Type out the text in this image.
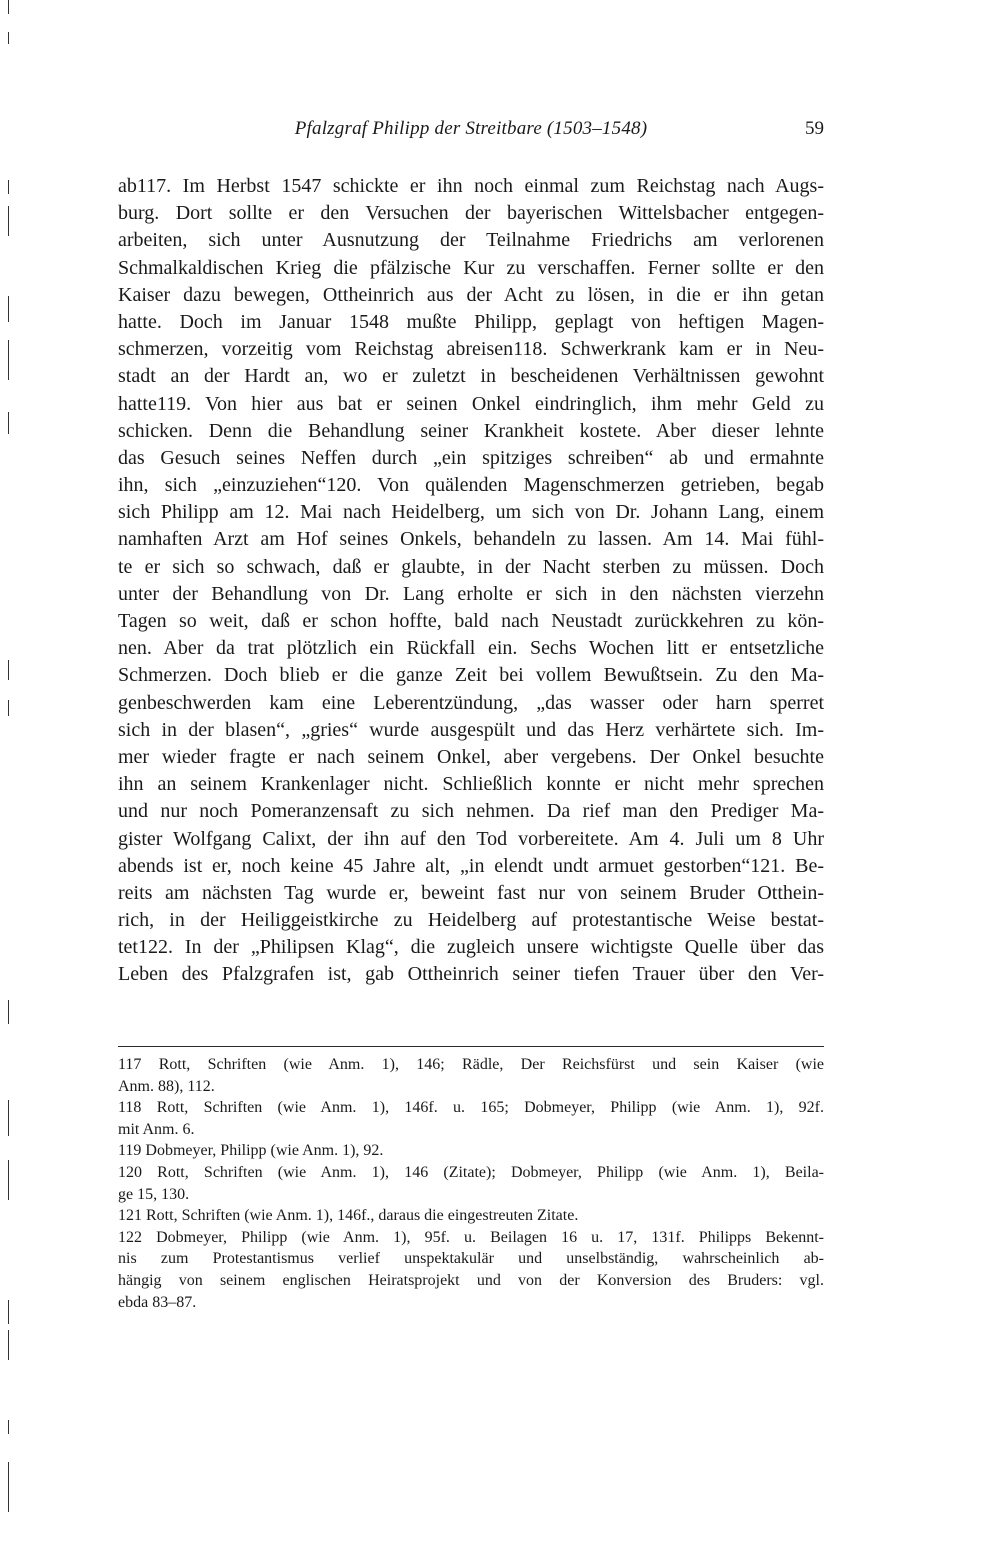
Pfalzgraf Philipp der Streitbare (1503–1548)	59
ab117. Im Herbst 1547 schickte er ihn noch einmal zum Reichstag nach Augs-
burg. Dort sollte er den Versuchen der bayerischen Wittelsbacher entgegen-
arbeiten, sich unter Ausnutzung der Teilnahme Friedrichs am verlorenen
Schmalkaldischen Krieg die pfälzische Kur zu verschaffen. Ferner sollte er den
Kaiser dazu bewegen, Ottheinrich aus der Acht zu lösen, in die er ihn getan
hatte. Doch im Januar 1548 mußte Philipp, geplagt von heftigen Magen-
schmerzen, vorzeitig vom Reichstag abreisen118. Schwerkrank kam er in Neu-
stadt an der Hardt an, wo er zuletzt in bescheidenen Verhältnissen gewohnt
hatte119. Von hier aus bat er seinen Onkel eindringlich, ihm mehr Geld zu
schicken. Denn die Behandlung seiner Krankheit kostete. Aber dieser lehnte
das Gesuch seines Neffen durch „ein spitziges schreiben“ ab und ermahnte
ihn, sich „einzuziehen“120. Von quälenden Magenschmerzen getrieben, begab
sich Philipp am 12. Mai nach Heidelberg, um sich von Dr. Johann Lang, einem
namhaften Arzt am Hof seines Onkels, behandeln zu lassen. Am 14. Mai fühl-
te er sich so schwach, daß er glaubte, in der Nacht sterben zu müssen. Doch
unter der Behandlung von Dr. Lang erholte er sich in den nächsten vierzehn
Tagen so weit, daß er schon hoffte, bald nach Neustadt zurückkehren zu kön-
nen. Aber da trat plötzlich ein Rückfall ein. Sechs Wochen litt er entsetzliche
Schmerzen. Doch blieb er die ganze Zeit bei vollem Bewußtsein. Zu den Ma-
genbeschwerden kam eine Leberentzündung, „das wasser oder harn sperret
sich in der blasen“, „gries“ wurde ausgespült und das Herz verhärtete sich. Im-
mer wieder fragte er nach seinem Onkel, aber vergebens. Der Onkel besuchte
ihn an seinem Krankenlager nicht. Schließlich konnte er nicht mehr sprechen
und nur noch Pomeranzensaft zu sich nehmen. Da rief man den Prediger Ma-
gister Wolfgang Calixt, der ihn auf den Tod vorbereitete. Am 4. Juli um 8 Uhr
abends ist er, noch keine 45 Jahre alt, „in elendt undt armuet gestorben“121. Be-
reits am nächsten Tag wurde er, beweint fast nur von seinem Bruder Otthein-
rich, in der Heiliggeistkirche zu Heidelberg auf protestantische Weise bestat-
tet122. In der „Philipsen Klag“, die zugleich unsere wichtigste Quelle über das
Leben des Pfalzgrafen ist, gab Ottheinrich seiner tiefen Trauer über den Ver-
117 Rott, Schriften (wie Anm. 1), 146; Rädle, Der Reichsfürst und sein Kaiser (wie
Anm. 88), 112.
118 Rott, Schriften (wie Anm. 1), 146f. u. 165; Dobmeyer, Philipp (wie Anm. 1), 92f.
mit Anm. 6.
119 Dobmeyer, Philipp (wie Anm. 1), 92.
120 Rott, Schriften (wie Anm. 1), 146 (Zitate); Dobmeyer, Philipp (wie Anm. 1), Beila-
ge 15, 130.
121 Rott, Schriften (wie Anm. 1), 146f., daraus die eingestreuten Zitate.
122 Dobmeyer, Philipp (wie Anm. 1), 95f. u. Beilagen 16 u. 17, 131f. Philipps Bekennt-
nis zum Protestantismus verlief unspektakulär und unselbständig, wahrscheinlich ab-
hängig von seinem englischen Heiratsprojekt und von der Konversion des Bruders: vgl.
ebda 83–87.
